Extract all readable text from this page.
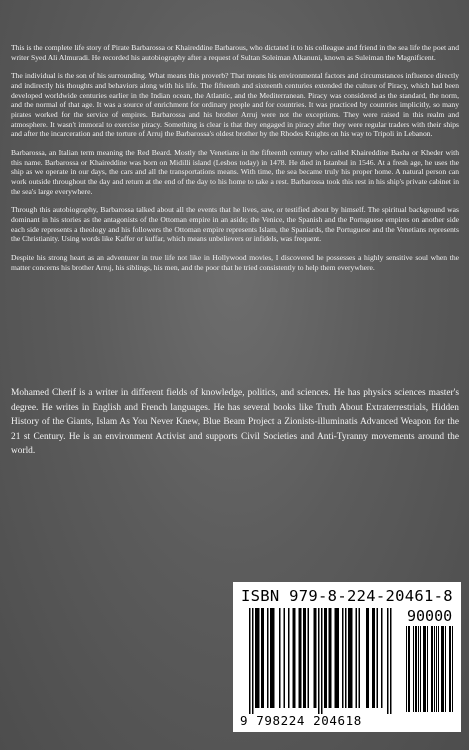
This is the complete life story of Pirate Barbarossa or Khaireddine Barbarous, who dictated it to his colleague and friend in the sea life the poet and writer Syed Ali Almuradi. He recorded his autobiography after a request of Sultan Soleiman Alkanuni, known as Suleiman the Magnificent.

The individual is the son of his surrounding. What means this proverb? That means his environmental factors and circumstances influence directly and indirectly his thoughts and behaviors along with his life. The fifteenth and sixteenth centuries extended the culture of Piracy, which had been developed worldwide centuries earlier in the Indian ocean, the Atlantic, and the Mediterranean. Piracy was considered as the standard, the norm, and the normal of that age. It was a source of enrichment for ordinary people and for countries. It was practiced by countries implicitly, so many pirates worked for the service of empires. Barbarossa and his brother Arruj were not the exceptions. They were raised in this realm and atmosphere. It wasn't immoral to exercise piracy. Something is clear is that they engaged in piracy after they were regular traders with their ships and after the incarceration and the torture of Arruj the Barbarossa's oldest brother by the Rhodes Knights on his way to Tripoli in Lebanon.

Barbarossa, an Italian term meaning the Red Beard. Mostly the Venetians in the fifteenth century who called Khaireddine Basha or Kheder with this name. Barbarossa or Khaireddine was born on Midilli island (Lesbos today) in 1478. He died in Istanbul in 1546. At a fresh age, he uses the ship as we operate in our days, the cars and all the transportations means. With time, the sea became truly his proper home. A natural person can work outside throughout the day and return at the end of the day to his home to take a rest. Barbarossa took this rest in his ship's private cabinet in the sea's large everywhere.

Through this autobiography, Barbarossa talked about all the events that he lives, saw, or testified about by himself. The spiritual background was dominant in his stories as the antagonists of the Ottoman empire in an aside; the Venice, the Spanish and the Portuguese empires on another side each side represents a theology and his followers the Ottoman empire represents Islam, the Spaniards, the Portuguese and the Venetians represents the Christianity. Using words like Kaffer or kuffar, which means unbelievers or infidels, was frequent.

Despite his strong heart as an adventurer in true life not like in Hollywood movies, I discovered he possesses a highly sensitive soul when the matter concerns his brother Arruj, his siblings, his men, and the poor that he tried consistently to help them everywhere.

Mohamed Cherif is a writer in different fields of knowledge, politics, and sciences. He has physics sciences master's degree. He writes in English and French languages. He has several books like Truth About Extraterrestrials, Hidden History of the Giants, Islam As You Never Knew, Blue Beam Project a Zionists-illuminatis Advanced Weapon for the 21 st Century. He is an environment Activist and supports Civil Societies and Anti-Tyranny movements around the world.
ISBN 979-8-224-20461-8
90000
9 798224 204618
